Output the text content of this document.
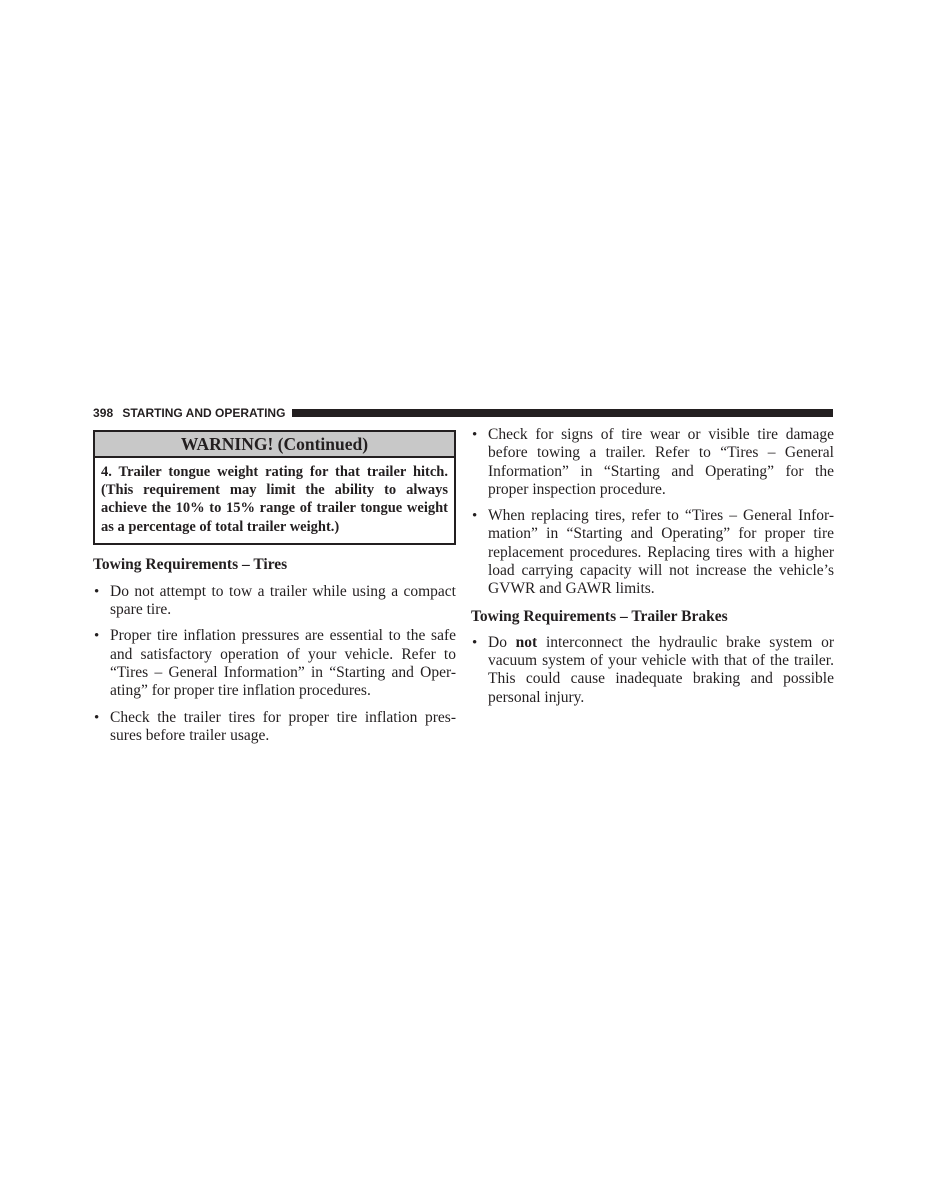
398 STARTING AND OPERATING
WARNING! (Continued)
4. Trailer tongue weight rating for that trailer hitch.
(This requirement may limit the ability to always
achieve the 10% to 15% range of trailer tongue weight
as a percentage of total trailer weight.)
Towing Requirements – Tires
• Do not attempt to tow a trailer while using a compact
spare tire.
• Proper tire inflation pressures are essential to the safe
and satisfactory operation of your vehicle. Refer to
“Tires – General Information” in “Starting and Oper-
ating” for proper tire inflation procedures.
• Check the trailer tires for proper tire inflation pres-
sures before trailer usage.
• Check for signs of tire wear or visible tire damage
before towing a trailer. Refer to “Tires – General
Information” in “Starting and Operating” for the
proper inspection procedure.
• When replacing tires, refer to “Tires – General Infor-
mation” in “Starting and Operating” for proper tire
replacement procedures. Replacing tires with a higher
load carrying capacity will not increase the vehicle’s
GVWR and GAWR limits.
Towing Requirements – Trailer Brakes
• Do not interconnect the hydraulic brake system or
vacuum system of your vehicle with that of the trailer.
This could cause inadequate braking and possible
personal injury.
